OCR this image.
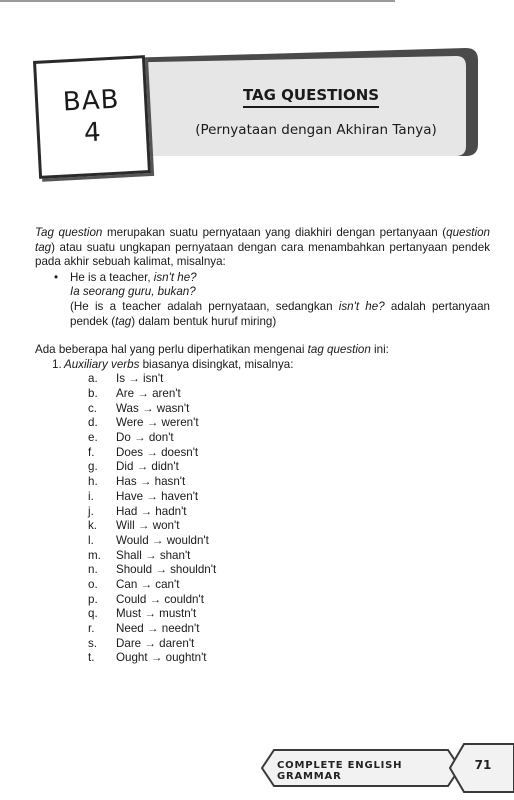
BAB
4
TAG QUESTIONS
(Pernyataan dengan Akhiran Tanya)

Tag question merupakan suatu pernyataan yang diakhiri dengan pertanyaan (question tag) atau suatu ungkapan pernyataan dengan cara menambahkan pertanyaan pendek pada akhir sebuah kalimat, misalnya:

• He is a teacher, isn't he?

Ia seorang guru, bukan?

(He is a teacher adalah pernyataan, sedangkan isn't he? adalah pertanyaan pendek (tag) dalam bentuk huruf miring)

Ada beberapa hal yang perlu diperhatikan mengenai tag question ini:

1. Auxiliary verbs biasanya disingkat, misalnya:
a. Is → isn't
b. Are → aren't
c. Was → wasn't
d. Were → weren't
e. Do → don't
f. Does → doesn't
g. Did → didn't
h. Has → hasn't
i. Have → haven't
j. Had → hadn't
k. Will → won't
l. Would → wouldn't
m. Shall → shan't
n. Should → shouldn't
o. Can → can't
p. Could → couldn't
q. Must → mustn't
r. Need → needn't
s. Dare → daren't
t. Ought → oughtn't
COMPLETE ENGLISH GRAMMAR
71
